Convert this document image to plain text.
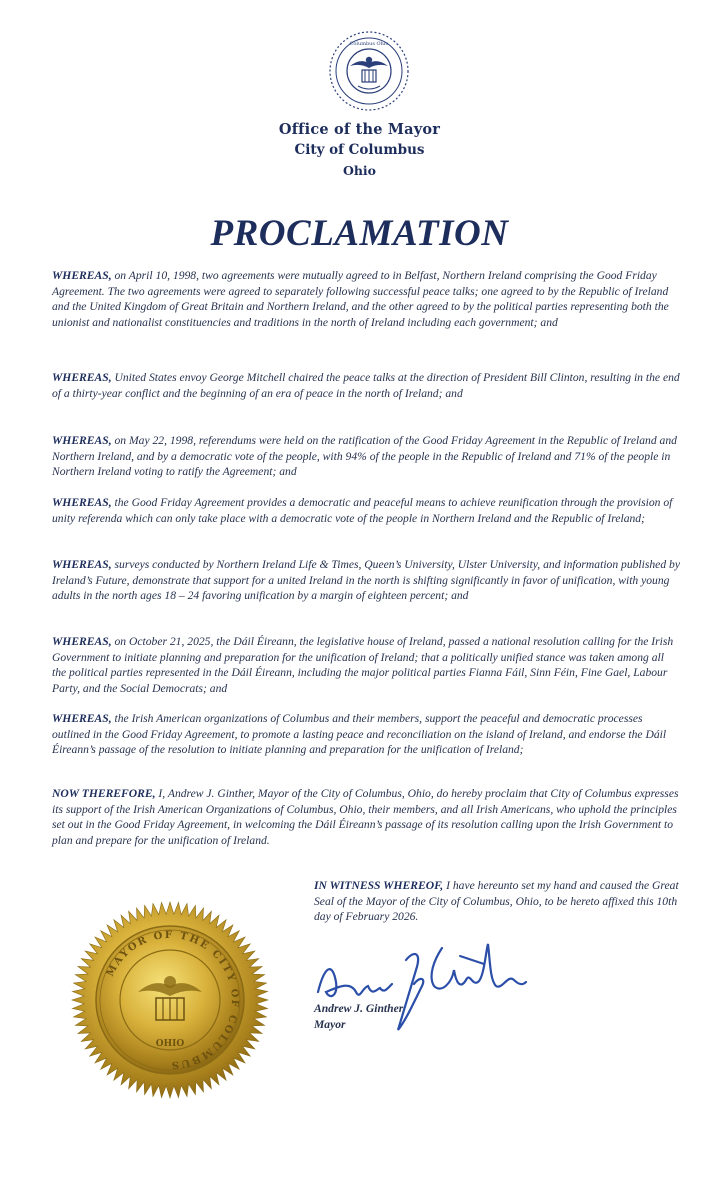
Columbus Ohio
Office of the Mayor
City of Columbus
Ohio
PROCLAMATION

WHEREAS, on April 10, 1998, two agreements were mutually agreed to in Belfast, Northern Ireland comprising the Good Friday Agreement. The two agreements were agreed to separately following successful peace talks; one agreed to by the Republic of Ireland and the United Kingdom of Great Britain and Northern Ireland, and the other agreed to by the political parties representing both the unionist and nationalist constituencies and traditions in the north of Ireland including each government; and

WHEREAS, United States envoy George Mitchell chaired the peace talks at the direction of President Bill Clinton, resulting in the end of a thirty-year conflict and the beginning of an era of peace in the north of Ireland; and

WHEREAS, on May 22, 1998, referendums were held on the ratification of the Good Friday Agreement in the Republic of Ireland and Northern Ireland, and by a democratic vote of the people, with 94% of the people in the Republic of Ireland and 71% of the people in Northern Ireland voting to ratify the Agreement; and

WHEREAS, the Good Friday Agreement provides a democratic and peaceful means to achieve reunification through the provision of unity referenda which can only take place with a democratic vote of the people in Northern Ireland and the Republic of Ireland;

WHEREAS, surveys conducted by Northern Ireland Life & Times, Queen’s University, Ulster University, and information published by Ireland’s Future, demonstrate that support for a united Ireland in the north is shifting significantly in favor of unification, with young adults in the north ages 18 – 24 favoring unification by a margin of eighteen percent; and

WHEREAS, on October 21, 2025, the Dáil Éireann, the legislative house of Ireland, passed a national resolution calling for the Irish Government to initiate planning and preparation for the unification of Ireland; that a politically unified stance was taken among all the political parties represented in the Dáil Éireann, including the major political parties Fianna Fáil, Sinn Féin, Fine Gael, Labour Party, and the Social Democrats; and

WHEREAS, the Irish American organizations of Columbus and their members, support the peaceful and democratic processes outlined in the Good Friday Agreement, to promote a lasting peace and reconciliation on the island of Ireland, and endorse the Dáil Éireann’s passage of the resolution to initiate planning and preparation for the unification of Ireland;

NOW THEREFORE, I, Andrew J. Ginther, Mayor of the City of Columbus, Ohio, do hereby proclaim that City of Columbus expresses its support of the Irish American Organizations of Columbus, Ohio, their members, and all Irish Americans, who uphold the principles set out in the Good Friday Agreement, in welcoming the Dáil Éireann’s passage of its resolution calling upon the Irish Government to plan and prepare for the unification of Ireland.

IN WITNESS WHEREOF, I have hereunto set my hand and caused the Great Seal of the Mayor of the City of Columbus, Ohio, to be hereto affixed this 10th day of February 2026.
MAYOR OF THE CITY OF COLUMBUS
OHIO
Andrew J. Ginther
Mayor
